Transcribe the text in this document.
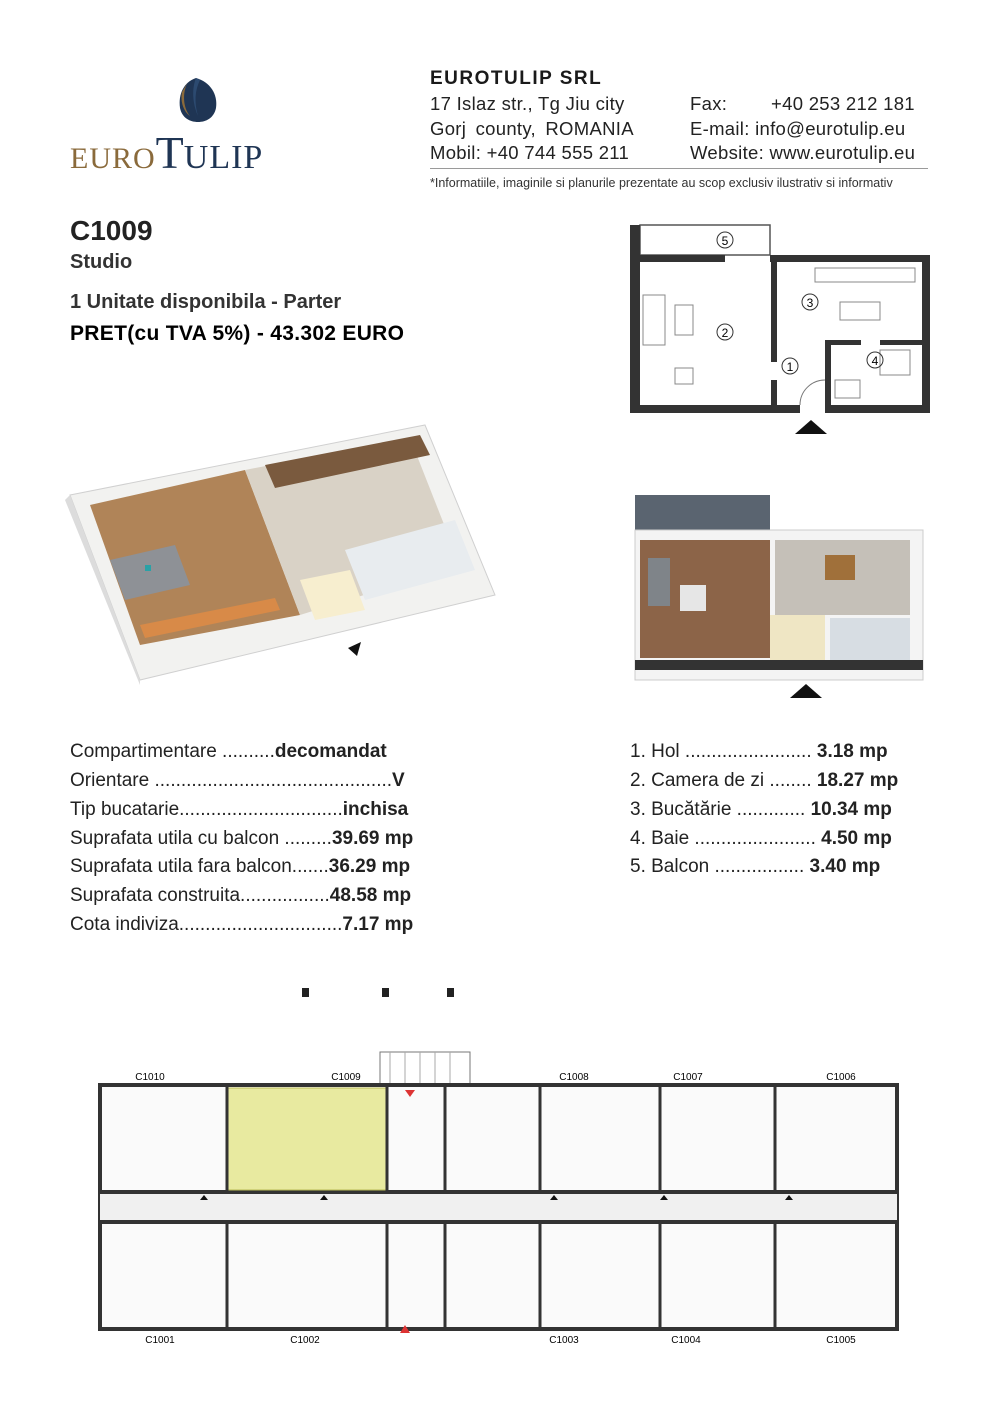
EUROTULIP
EUROTULIP SRL
17 Islaz str., Tg Jiu city
Gorj county, ROMANIA
Mobil: +40 744 555 211
Fax: +40 253 212 181
E-mail: info@eurotulip.eu
Website: www.eurotulip.eu
*Informatiile, imaginile si planurile prezentate au scop exclusiv ilustrativ si informativ
C1009
Studio
1 Unitate disponibila - Parter
PRET(cu TVA 5%) - 43.302 EURO
5
2
3
1	4
Compartimentare ..........decomandat
Orientare .............................................V
Tip bucatarie...............................inchisa
Suprafata utila cu balcon .........39.69 mp
Suprafata utila fara balcon.......36.29 mp
Suprafata construita.................48.58 mp
Cota indiviza...............................7.17 mp
1. Hol ........................ 3.18 mp
2. Camera de zi ........ 18.27 mp
3. Bucătărie ............. 10.34 mp
4. Baie ....................... 4.50 mp
5. Balcon ................. 3.40 mp
C1010	C1009	C1008	C1007	C1006
C1001	C1002	C1003	C1004	C1005
